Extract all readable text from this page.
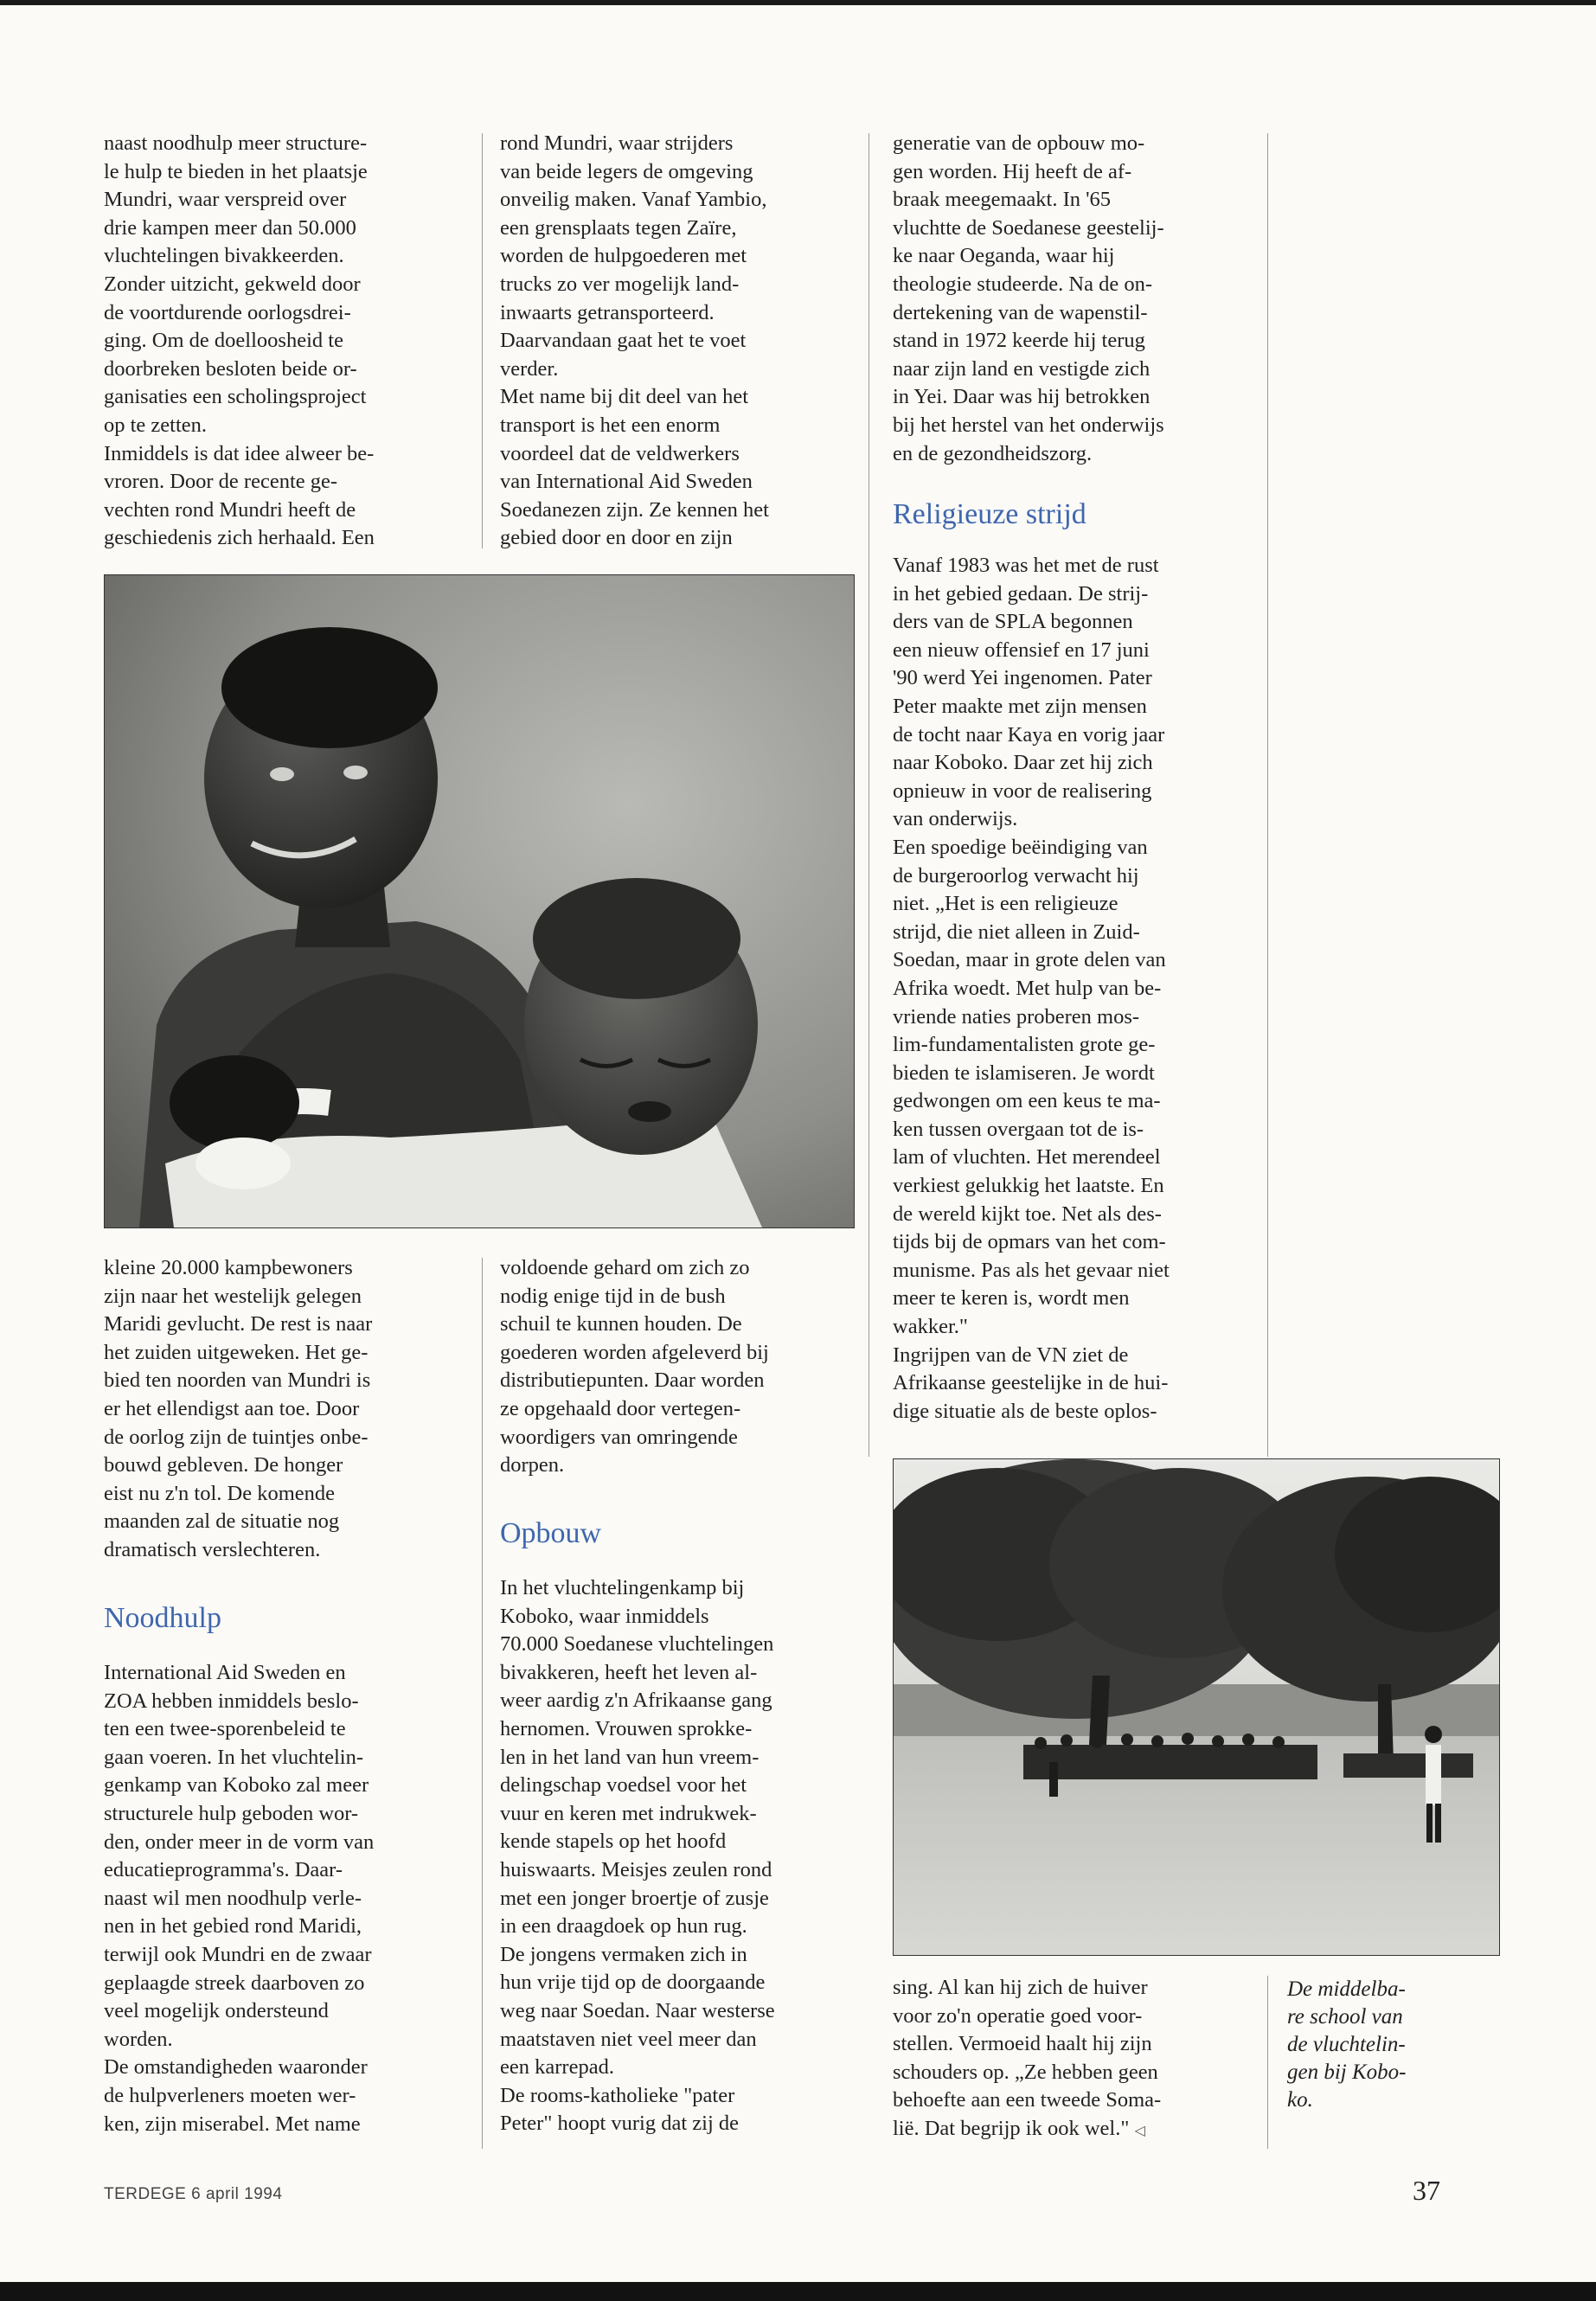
naast noodhulp meer structure-
le hulp te bieden in het plaatsje
Mundri, waar verspreid over
drie kampen meer dan 50.000
vluchtelingen bivakkeerden.
Zonder uitzicht, gekweld door
de voortdurende oorlogsdrei-
ging. Om de doelloosheid te
doorbreken besloten beide or-
ganisaties een scholingsproject
op te zetten.
Inmiddels is dat idee alweer be-
vroren. Door de recente ge-
vechten rond Mundri heeft de
geschiedenis zich herhaald. Een

rond Mundri, waar strijders
van beide legers de omgeving
onveilig maken. Vanaf Yambio,
een grensplaats tegen Zaïre,
worden de hulpgoederen met
trucks zo ver mogelijk land-
inwaarts getransporteerd.
Daarvandaan gaat het te voet
verder.
Met name bij dit deel van het
transport is het een enorm
voordeel dat de veldwerkers
van International Aid Sweden
Soedanezen zijn. Ze kennen het
gebied door en door en zijn

generatie van de opbouw mo-
gen worden. Hij heeft de af-
braak meegemaakt. In '65
vluchtte de Soedanese geestelij-
ke naar Oeganda, waar hij
theologie studeerde. Na de on-
dertekening van de wapenstil-
stand in 1972 keerde hij terug
naar zijn land en vestigde zich
in Yei. Daar was hij betrokken
bij het herstel van het onderwijs
en de gezondheidszorg.

Religieuze strijd

Vanaf 1983 was het met de rust
in het gebied gedaan. De strij-
ders van de SPLA begonnen
een nieuw offensief en 17 juni
'90 werd Yei ingenomen. Pater
Peter maakte met zijn mensen
de tocht naar Kaya en vorig jaar
naar Koboko. Daar zet hij zich
opnieuw in voor de realisering
van onderwijs.
Een spoedige beëindiging van
de burgeroorlog verwacht hij
niet. „Het is een religieuze
strijd, die niet alleen in Zuid-
Soedan, maar in grote delen van
Afrika woedt. Met hulp van be-
vriende naties proberen mos-
lim-fundamentalisten grote ge-
bieden te islamiseren. Je wordt
gedwongen om een keus te ma-
ken tussen overgaan tot de is-
lam of vluchten. Het merendeel
verkiest gelukkig het laatste. En
de wereld kijkt toe. Net als des-
tijds bij de opmars van het com-
munisme. Pas als het gevaar niet
meer te keren is, wordt men
wakker."
Ingrijpen van de VN ziet de
Afrikaanse geestelijke in de hui-
dige situatie als de beste oplos-

kleine 20.000 kampbewoners
zijn naar het westelijk gelegen
Maridi gevlucht. De rest is naar
het zuiden uitgeweken. Het ge-
bied ten noorden van Mundri is
er het ellendigst aan toe. Door
de oorlog zijn de tuintjes onbe-
bouwd gebleven. De honger
eist nu z'n tol. De komende
maanden zal de situatie nog
dramatisch verslechteren.

voldoende gehard om zich zo
nodig enige tijd in de bush
schuil te kunnen houden. De
goederen worden afgeleverd bij
distributiepunten. Daar worden
ze opgehaald door vertegen-
woordigers van omringende
dorpen.

Noodhulp

International Aid Sweden en
ZOA hebben inmiddels beslo-
ten een twee-sporenbeleid te
gaan voeren. In het vluchtelin-
genkamp van Koboko zal meer
structurele hulp geboden wor-
den, onder meer in de vorm van
educatieprogramma's. Daar-
naast wil men noodhulp verle-
nen in het gebied rond Maridi,
terwijl ook Mundri en de zwaar
geplaagde streek daarboven zo
veel mogelijk ondersteund
worden.
De omstandigheden waaronder
de hulpverleners moeten wer-
ken, zijn miserabel. Met name

Opbouw

In het vluchtelingenkamp bij
Koboko, waar inmiddels
70.000 Soedanese vluchtelingen
bivakkeren, heeft het leven al-
weer aardig z'n Afrikaanse gang
hernomen. Vrouwen sprokke-
len in het land van hun vreem-
delingschap voedsel voor het
vuur en keren met indrukwek-
kende stapels op het hoofd
huiswaarts. Meisjes zeulen rond
met een jonger broertje of zusje
in een draagdoek op hun rug.
De jongens vermaken zich in
hun vrije tijd op de doorgaande
weg naar Soedan. Naar westerse
maatstaven niet veel meer dan
een karrepad.
De rooms-katholieke "pater
Peter" hoopt vurig dat zij de

sing. Al kan hij zich de huiver
voor zo'n operatie goed voor-
stellen. Vermoeid haalt hij zijn
schouders op. „Ze hebben geen
behoefte aan een tweede Soma-
lië. Dat begrijp ik ook wel." ◁

De middelba-
re school van
de vluchtelin-
gen bij Kobo-
ko.

TERDEGE 6 april 1994	37
